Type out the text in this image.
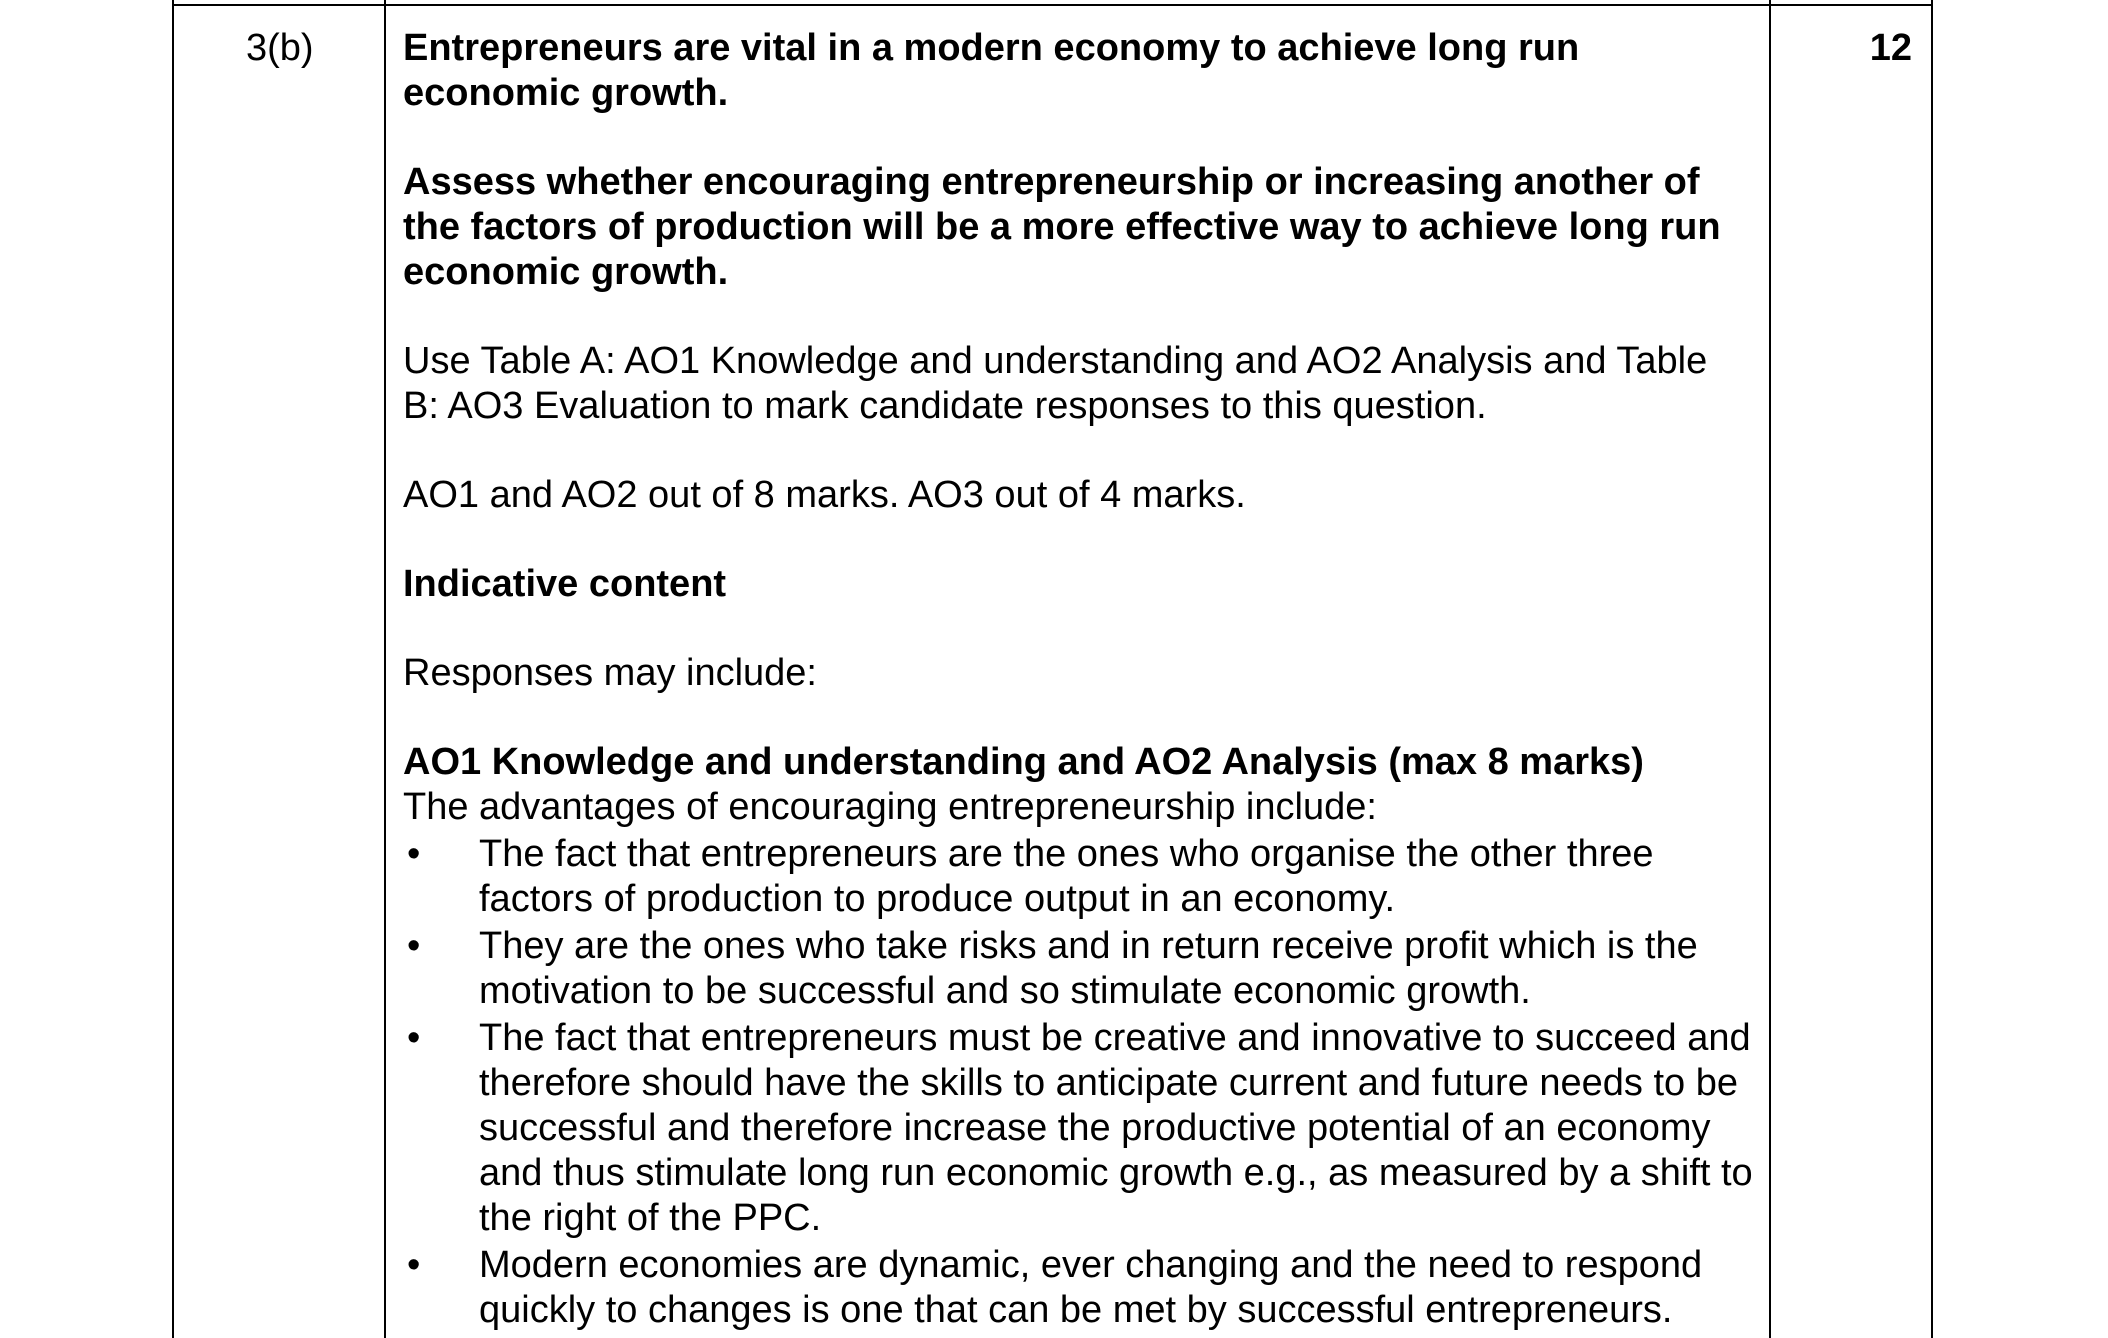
3(b)	12

Entrepreneurs are vital in a modern economy to achieve long run economic growth.

Assess whether encouraging entrepreneurship or increasing another of the factors of production will be a more effective way to achieve long run economic growth.

Use Table A: AO1 Knowledge and understanding and AO2 Analysis and Table B: AO3 Evaluation to mark candidate responses to this question.

AO1 and AO2 out of 8 marks. AO3 out of 4 marks.

Indicative content

Responses may include:

AO1 Knowledge and understanding and AO2 Analysis (max 8 marks)

The advantages of encouraging entrepreneurship include:

• The fact that entrepreneurs are the ones who organise the other three factors of production to produce output in an economy.
• They are the ones who take risks and in return receive profit which is the motivation to be successful and so stimulate economic growth.
• The fact that entrepreneurs must be creative and innovative to succeed and therefore should have the skills to anticipate current and future needs to be successful and therefore increase the productive potential of an economy and thus stimulate long run economic growth e.g., as measured by a shift to the right of the PPC.
• Modern economies are dynamic, ever changing and the need to respond quickly to changes is one that can be met by successful entrepreneurs.
